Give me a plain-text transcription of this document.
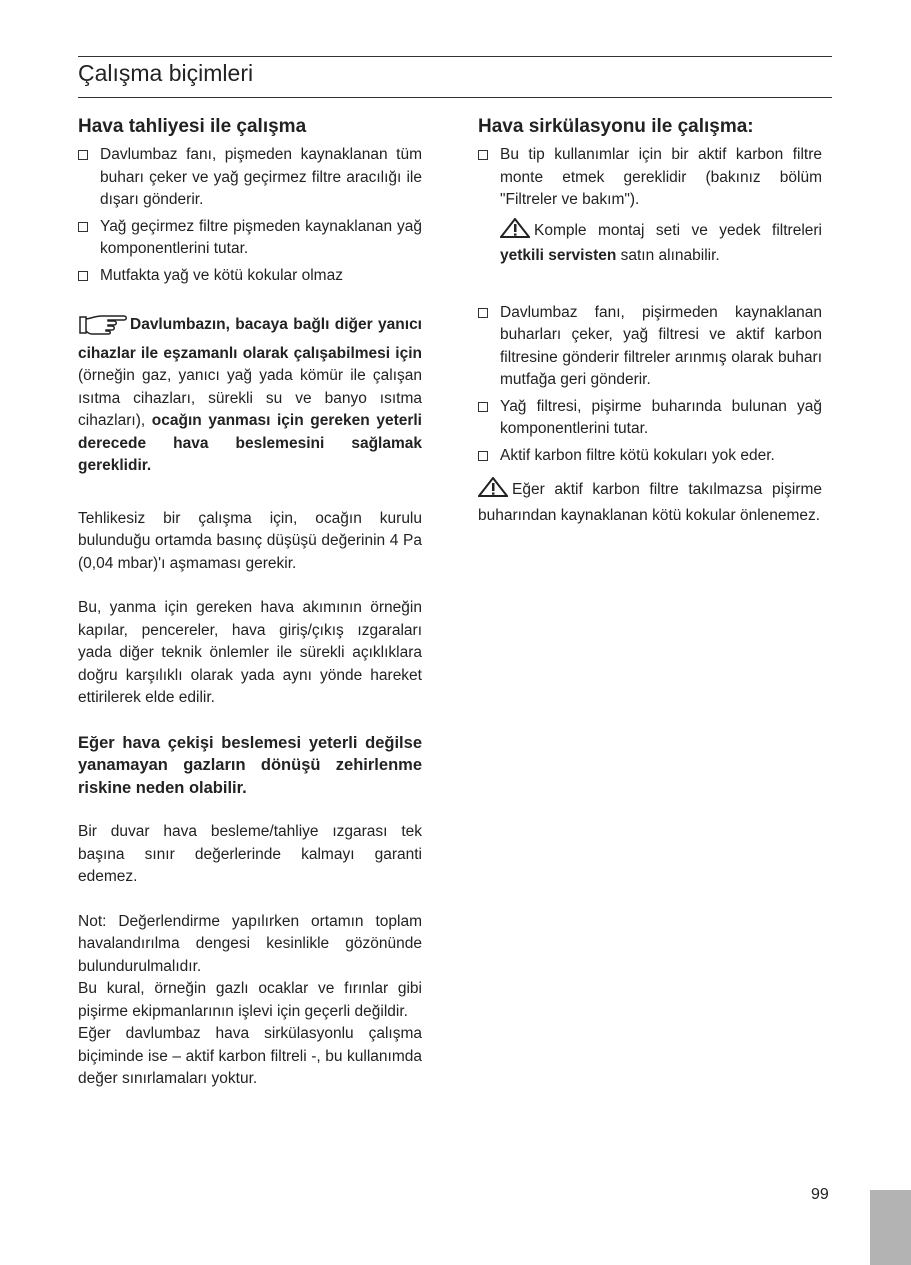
Çalışma biçimleri
Hava tahliyesi ile çalışma
Davlumbaz fanı, pişmeden kaynaklanan tüm buharı çeker ve yağ geçirmez filtre aracılığı ile dışarı gönderir.
Yağ geçirmez filtre pişmeden kaynaklanan yağ komponentlerini tutar.
Mutfakta yağ ve kötü kokular olmaz

Davlumbazın, bacaya bağlı diğer yanıcı cihazlar ile eşzamanlı olarak çalışabilmesi için (örneğin gaz, yanıcı yağ yada kömür ile çalışan ısıtma cihazları, sürekli su ve banyo ısıtma cihazları), ocağın yanması için gereken yeterli derecede hava beslemesini sağlamak gereklidir.

Tehlikesiz bir çalışma için, ocağın kurulu bulunduğu ortamda basınç düşüşü değerinin 4 Pa (0,04 mbar)'ı aşmaması gerekir.

Bu, yanma için gereken hava akımının örneğin kapılar, pencereler, hava giriş/çıkış ızgaraları yada diğer teknik önlemler ile sürekli açıklıklara doğru karşılıklı olarak yada aynı yönde hareket ettirilerek elde edilir.

Eğer hava çekişi beslemesi yeterli değilse yanamayan gazların dönüşü zehirlenme riskine neden olabilir.

Bir duvar hava besleme/tahliye ızgarası tek başına sınır değerlerinde kalmayı garanti edemez.

Not: Değerlendirme yapılırken ortamın toplam havalandırılma dengesi kesinlikle gözönünde bulundurulmalıdır.

Bu kural, örneğin gazlı ocaklar ve fırınlar gibi pişirme ekipmanlarının işlevi için geçerli değildir.

Eğer davlumbaz hava sirkülasyonlu çalışma biçiminde ise – aktif karbon filtreli -, bu kullanımda değer sınırlamaları yoktur.

Hava sirkülasyonu ile çalışma:
Bu tip kullanımlar için bir aktif karbon filtre monte etmek gereklidir (bakınız bölüm "Filtreler ve bakım").

Komple montaj seti ve yedek filtreleri yetkili servisten satın alınabilir.

Davlumbaz fanı, pişirmeden kaynaklanan buharları çeker, yağ filtresi ve aktif karbon filtresine gönderir filtreler arınmış olarak buharı mutfağa geri gönderir.
Yağ filtresi, pişirme buharında bulunan yağ komponentlerini tutar.
Aktif karbon filtre kötü kokuları yok eder.

Eğer aktif karbon filtre takılmazsa pişirme buharından kaynaklanan kötü kokular önlenemez.

99
